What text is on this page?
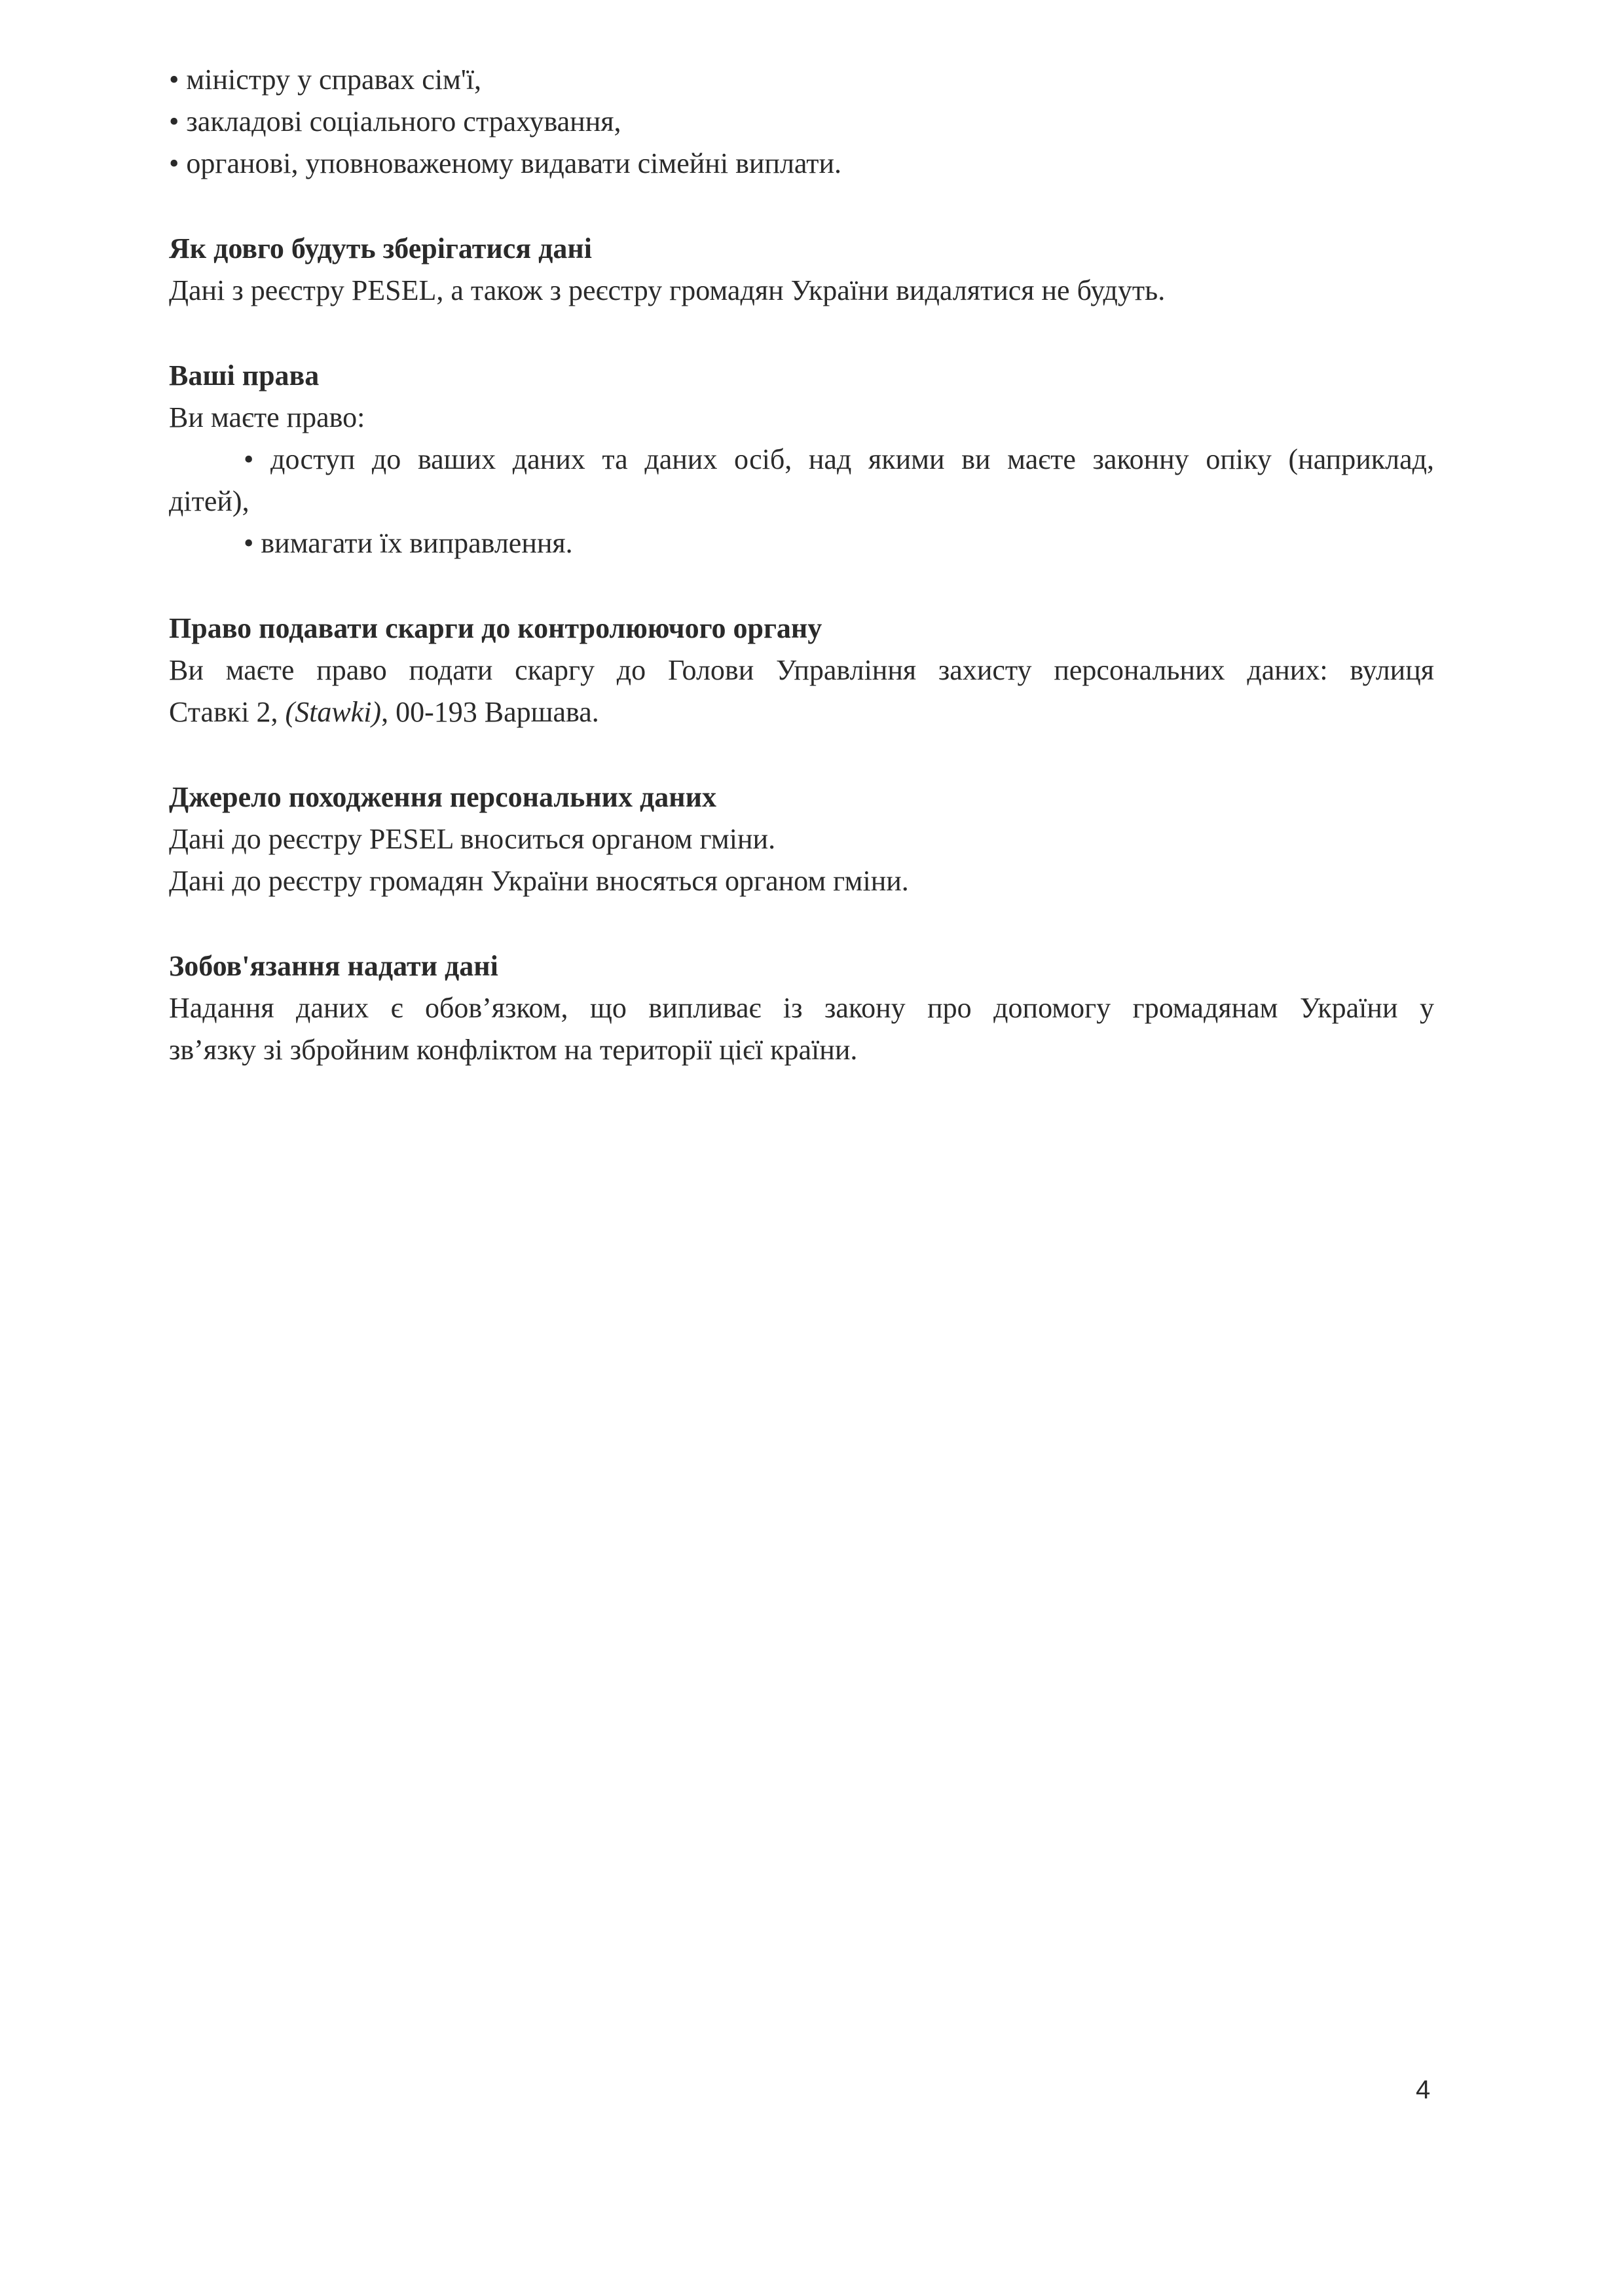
• міністру у справах сім'ї,
• закладові соціального страхування,
• органові, уповноваженому видавати сімейні виплати.
Як довго будуть зберігатися дані
Дані з реєстру PESEL, а також з реєстру громадян України видалятися не будуть.
Ваші права
Ви маєте право:
• доступ до ваших даних та даних осіб, над якими ви маєте законну опіку (наприклад,
дітей),
• вимагати їх виправлення.
Право подавати скарги до контролюючого органу
Ви маєте право подати скаргу до Голови Управління захисту персональних даних: вулиця
Ставкі 2, (Stawki), 00-193 Варшава.
Джерело походження персональних даних
Дані до реєстру PESEL вноситься органом гміни.
Дані до реєстру громадян України вносяться органом гміни.
Зобов'язання надати дані
Надання даних є обов’язком, що випливає із закону про допомогу громадянам України у
зв’язку зі збройним конфліктом на території цієї країни.
4
